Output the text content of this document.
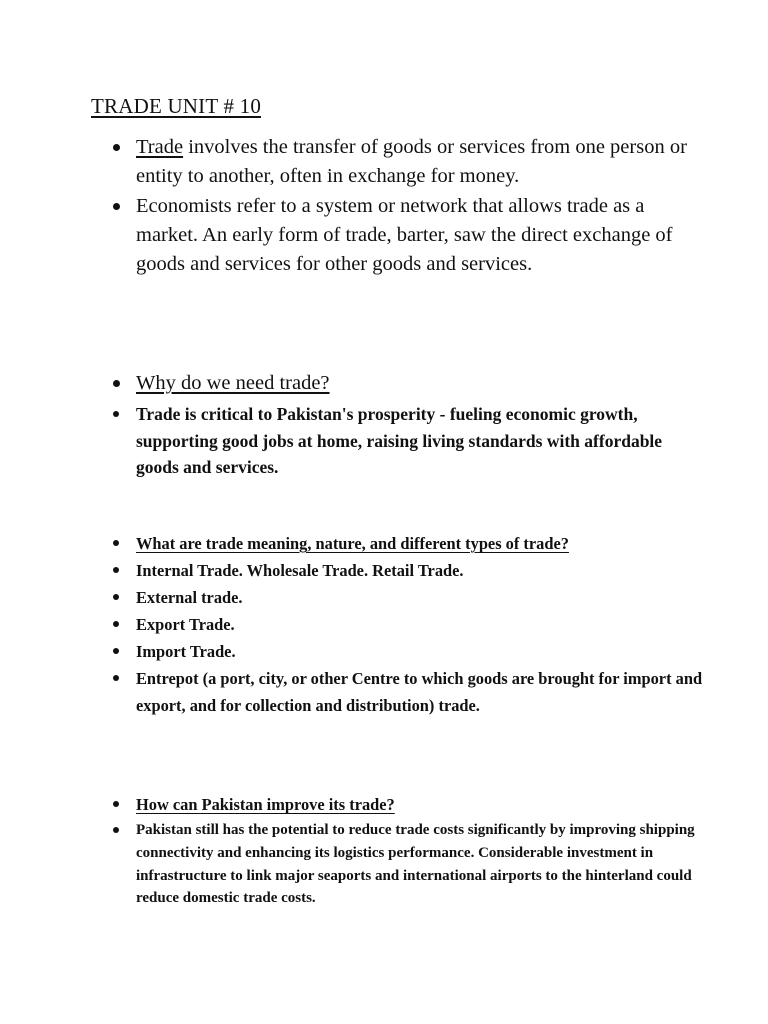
TRADE UNIT # 10
Trade involves the transfer of goods or services from one person or entity to another, often in exchange for money.
Economists refer to a system or network that allows trade as a market. An early form of trade, barter, saw the direct exchange of goods and services for other goods and services.
Why do we need trade?
Trade is critical to Pakistan's prosperity - fueling economic growth, supporting good jobs at home, raising living standards with affordable goods and services.
What are trade meaning, nature, and different types of trade?
Internal Trade. Wholesale Trade. Retail Trade.
External trade.
Export Trade.
Import Trade.
Entrepot (a port, city, or other Centre to which goods are brought for import and export, and for collection and distribution) trade.
How can Pakistan improve its trade?
Pakistan still has the potential to reduce trade costs significantly by improving shipping connectivity and enhancing its logistics performance. Considerable investment in infrastructure to link major seaports and international airports to the hinterland could reduce domestic trade costs.
